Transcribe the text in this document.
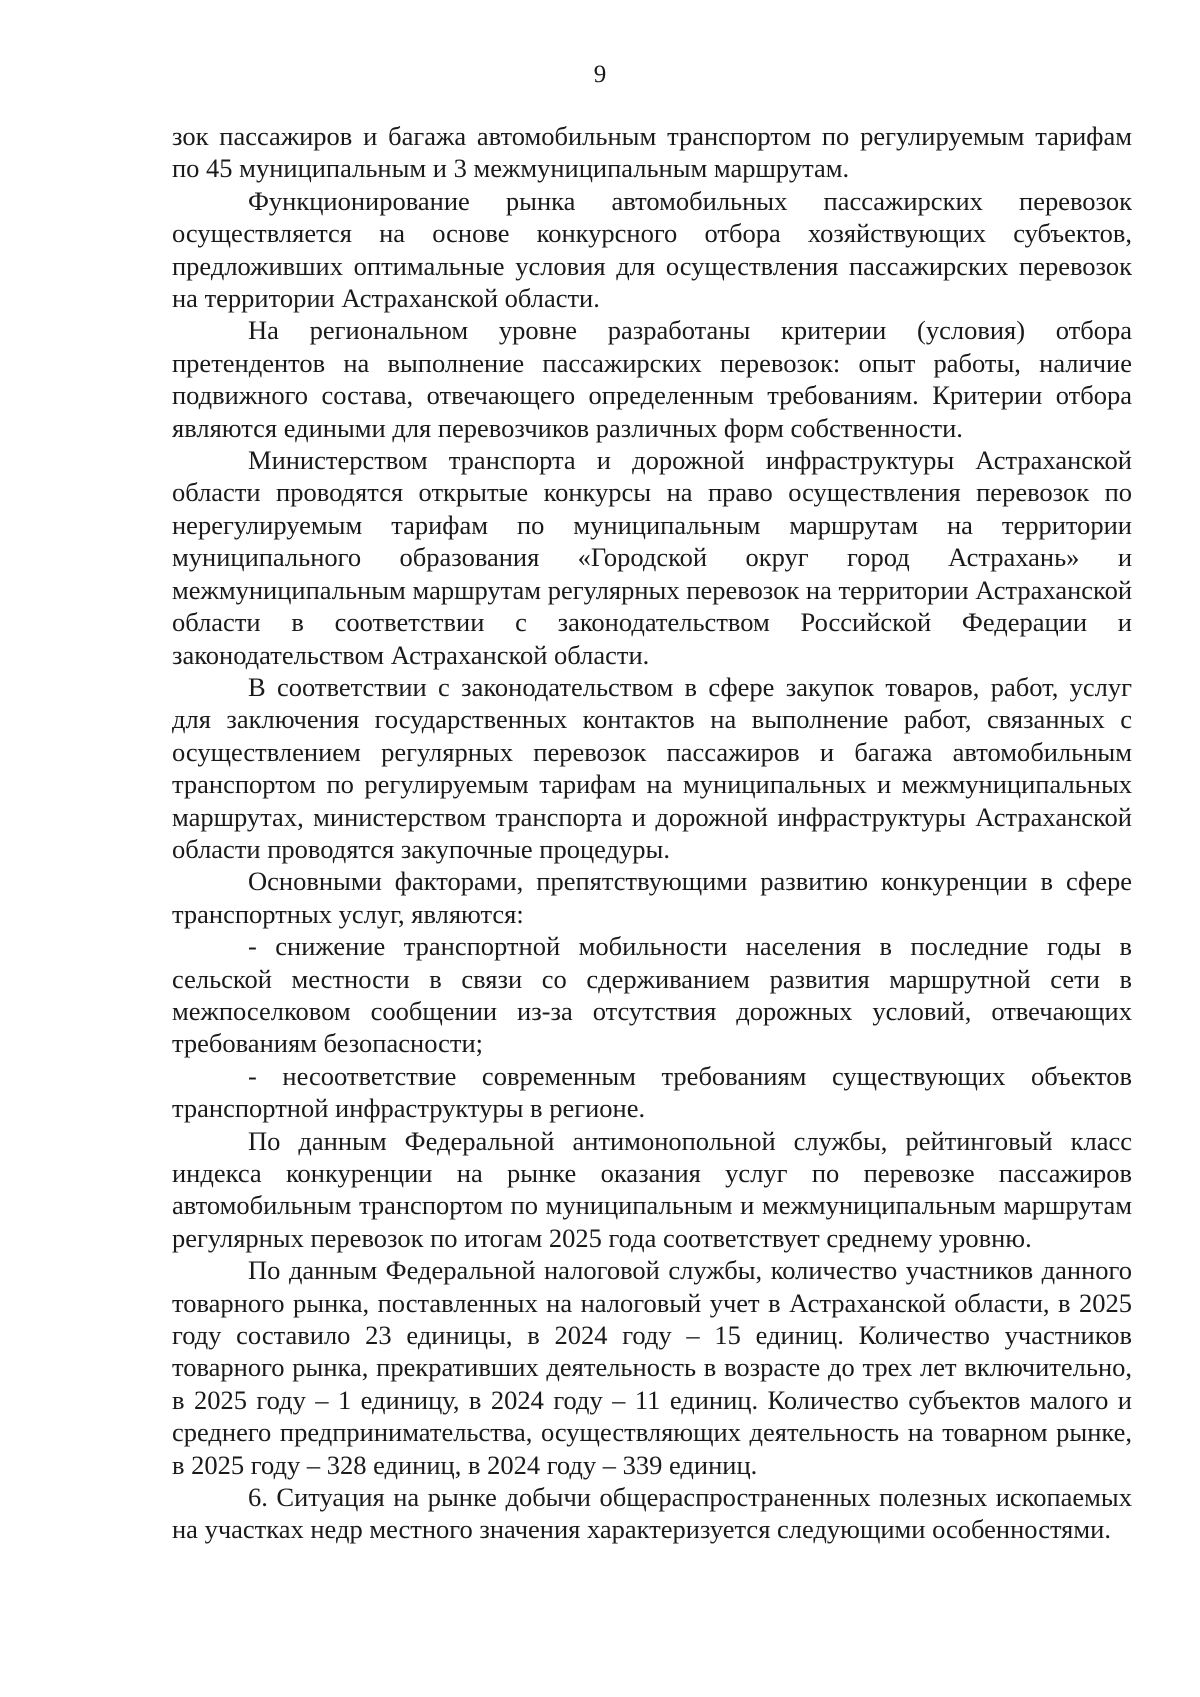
9

зок пассажиров и багажа автомобильным транспортом по регулируемым тарифам по 45 муниципальным и 3 межмуниципальным маршрутам.

Функционирование рынка автомобильных пассажирских перевозок осуществляется на основе конкурсного отбора хозяйствующих субъектов, предложивших оптимальные условия для осуществления пассажирских перевозок на территории Астраханской области.

На региональном уровне разработаны критерии (условия) отбора претендентов на выполнение пассажирских перевозок: опыт работы, наличие подвижного состава, отвечающего определенным требованиям. Критерии отбора являются едиными для перевозчиков различных форм собственности.

Министерством транспорта и дорожной инфраструктуры Астраханской области проводятся открытые конкурсы на право осуществления перевозок по нерегулируемым тарифам по муниципальным маршрутам на территории муниципального образования «Городской округ город Астрахань» и межмуниципальным маршрутам регулярных перевозок на территории Астраханской области в соответствии с законодательством Российской Федерации и законодательством Астраханской области.

В соответствии с законодательством в сфере закупок товаров, работ, услуг для заключения государственных контактов на выполнение работ, связанных с осуществлением регулярных перевозок пассажиров и багажа автомобильным транспортом по регулируемым тарифам на муниципальных и межмуниципальных маршрутах, министерством транспорта и дорожной инфраструктуры Астраханской области проводятся закупочные процедуры.

Основными факторами, препятствующими развитию конкуренции в сфере транспортных услуг, являются:

- снижение транспортной мобильности населения в последние годы в сельской местности в связи со сдерживанием развития маршрутной сети в межпоселковом сообщении из-за отсутствия дорожных условий, отвечающих требованиям безопасности;

- несоответствие современным требованиям существующих объектов транспортной инфраструктуры в регионе.

По данным Федеральной антимонопольной службы, рейтинговый класс индекса конкуренции на рынке оказания услуг по перевозке пассажиров автомобильным транспортом по муниципальным и межмуниципальным маршрутам регулярных перевозок по итогам 2025 года соответствует среднему уровню.

По данным Федеральной налоговой службы, количество участников данного товарного рынка, поставленных на налоговый учет в Астраханской области, в 2025 году составило 23 единицы, в 2024 году – 15 единиц. Количество участников товарного рынка, прекративших деятельность в возрасте до трех лет включительно, в 2025 году – 1 единицу, в 2024 году – 11 единиц. Количество субъектов малого и среднего предпринимательства, осуществляющих деятельность на товарном рынке, в 2025 году – 328 единиц, в 2024 году – 339 единиц.

6. Ситуация на рынке добычи общераспространенных полезных ископаемых на участках недр местного значения характеризуется следующими особенностями.
